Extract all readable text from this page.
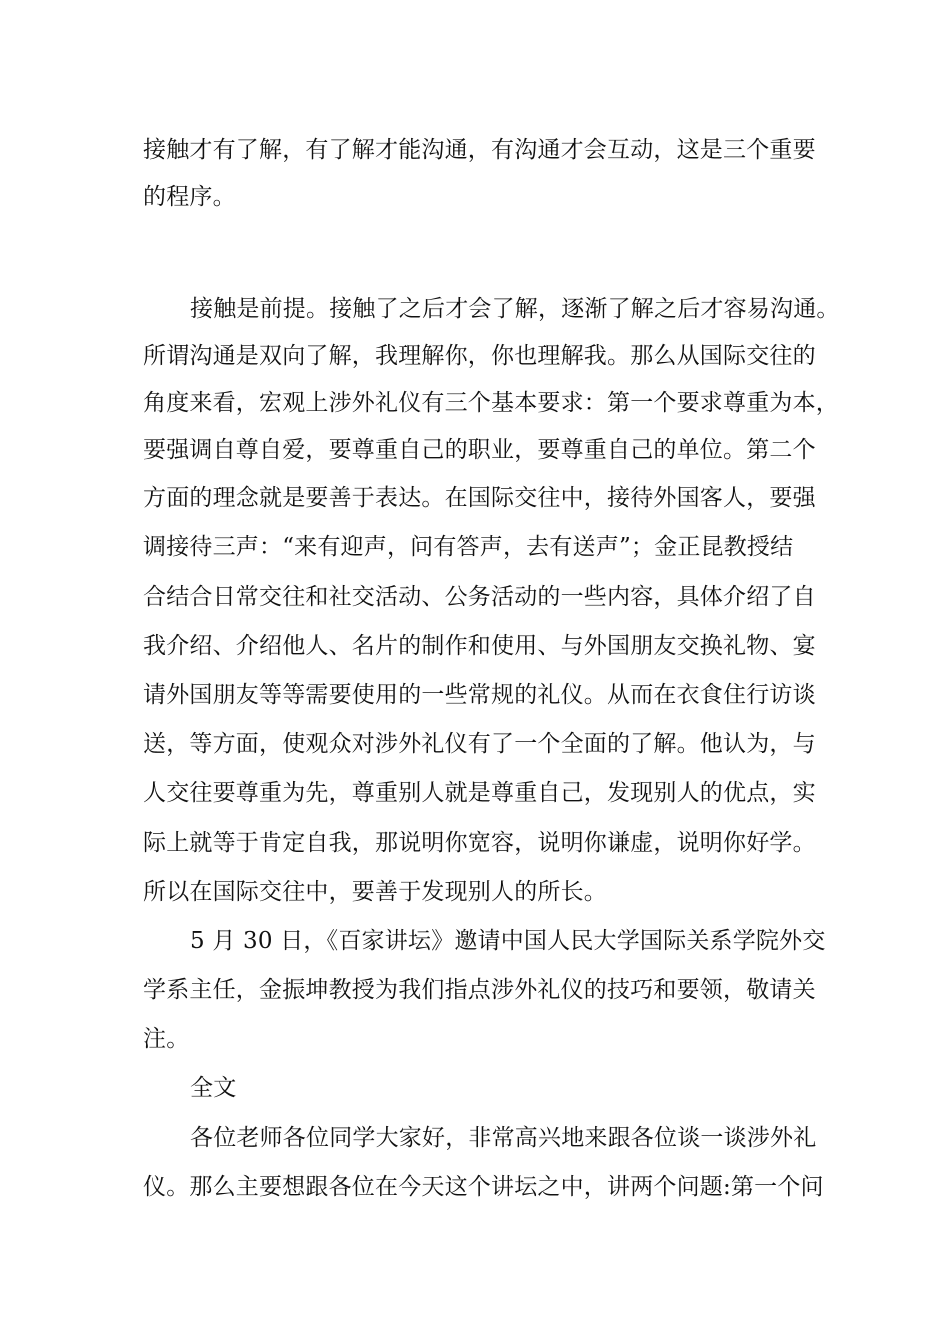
接触才有了解，有了解才能沟通，有沟通才会互动，这是三个重要
的程序。
接触是前提。接触了之后才会了解，逐渐了解之后才容易沟通。
所谓沟通是双向了解，我理解你，你也理解我。那么从国际交往的
角度来看，宏观上涉外礼仪有三个基本要求：第一个要求尊重为本，
要强调自尊自爱，要尊重自己的职业，要尊重自己的单位。第二个
方面的理念就是要善于表达。在国际交往中，接待外国客人，要强
调接待三声：“来有迎声，问有答声，去有送声”；金正昆教授结
合结合日常交往和社交活动、公务活动的一些内容，具体介绍了自
我介绍、介绍他人、名片的制作和使用、与外国朋友交换礼物、宴
请外国朋友等等需要使用的一些常规的礼仪。从而在衣食住行访谈
送，等方面，使观众对涉外礼仪有了一个全面的了解。他认为，与
人交往要尊重为先，尊重别人就是尊重自己，发现别人的优点，实
际上就等于肯定自我，那说明你宽容，说明你谦虚，说明你好学。
所以在国际交往中，要善于发现别人的所长。
5 月 30 日，《百家讲坛》邀请中国人民大学国际关系学院外交
学系主任，金振坤教授为我们指点涉外礼仪的技巧和要领，敬请关
注。
全文
各位老师各位同学大家好，非常高兴地来跟各位谈一谈涉外礼
仪。那么主要想跟各位在今天这个讲坛之中，讲两个问题:第一个问
